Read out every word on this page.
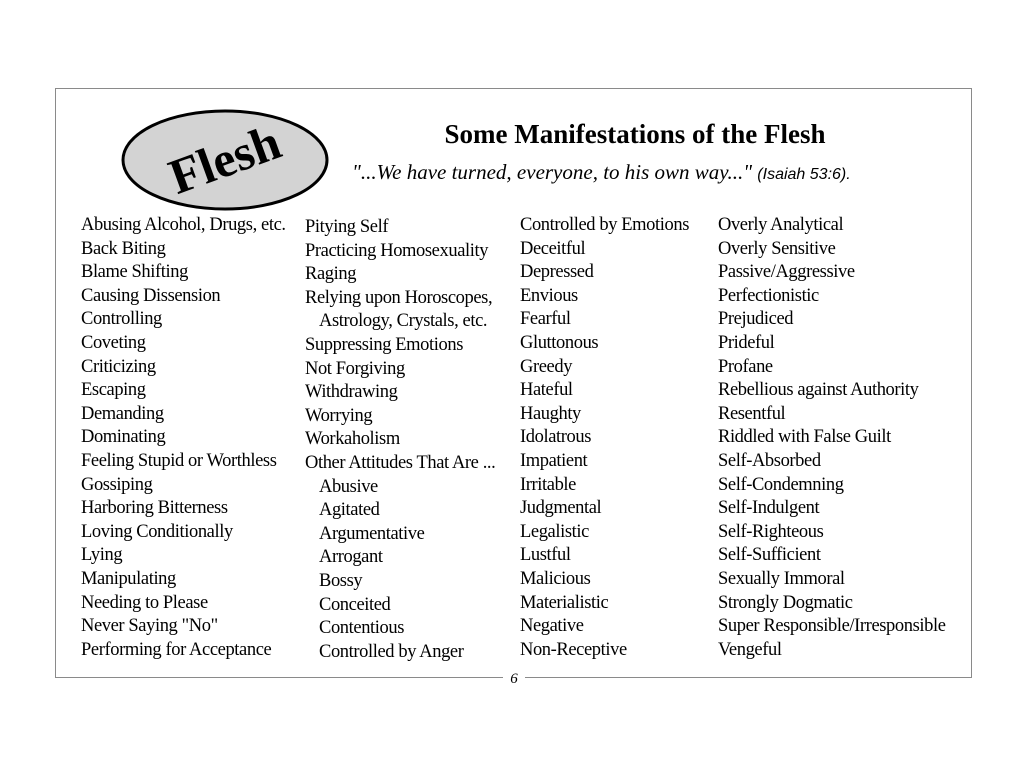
6
Flesh	Some Manifestations of the Flesh
"...We have turned, everyone, to his own way..." (Isaiah 53:6).
Abusing Alcohol, Drugs, etc.
Back Biting
Blame Shifting
Causing Dissension
Controlling
Coveting
Criticizing
Escaping
Demanding
Dominating
Feeling Stupid or Worthless
Gossiping
Harboring Bitterness
Loving Conditionally
Lying
Manipulating
Needing to Please
Never Saying "No"
Performing for Acceptance
Pitying Self
Practicing Homosexuality
Raging
Relying upon Horoscopes,
Astrology, Crystals, etc.
Suppressing Emotions
Not Forgiving
Withdrawing
Worrying
Workaholism
Other Attitudes That Are ...
Abusive
Agitated
Argumentative
Arrogant
Bossy
Conceited
Contentious
Controlled by Anger
Controlled by Emotions
Deceitful
Depressed
Envious
Fearful
Gluttonous
Greedy
Hateful
Haughty
Idolatrous
Impatient
Irritable
Judgmental
Legalistic
Lustful
Malicious
Materialistic
Negative
Non-Receptive
Overly Analytical
Overly Sensitive
Passive/Aggressive
Perfectionistic
Prejudiced
Prideful
Profane
Rebellious against Authority
Resentful
Riddled with False Guilt
Self-Absorbed
Self-Condemning
Self-Indulgent
Self-Righteous
Self-Sufficient
Sexually Immoral
Strongly Dogmatic
Super Responsible/Irresponsible
Vengeful
